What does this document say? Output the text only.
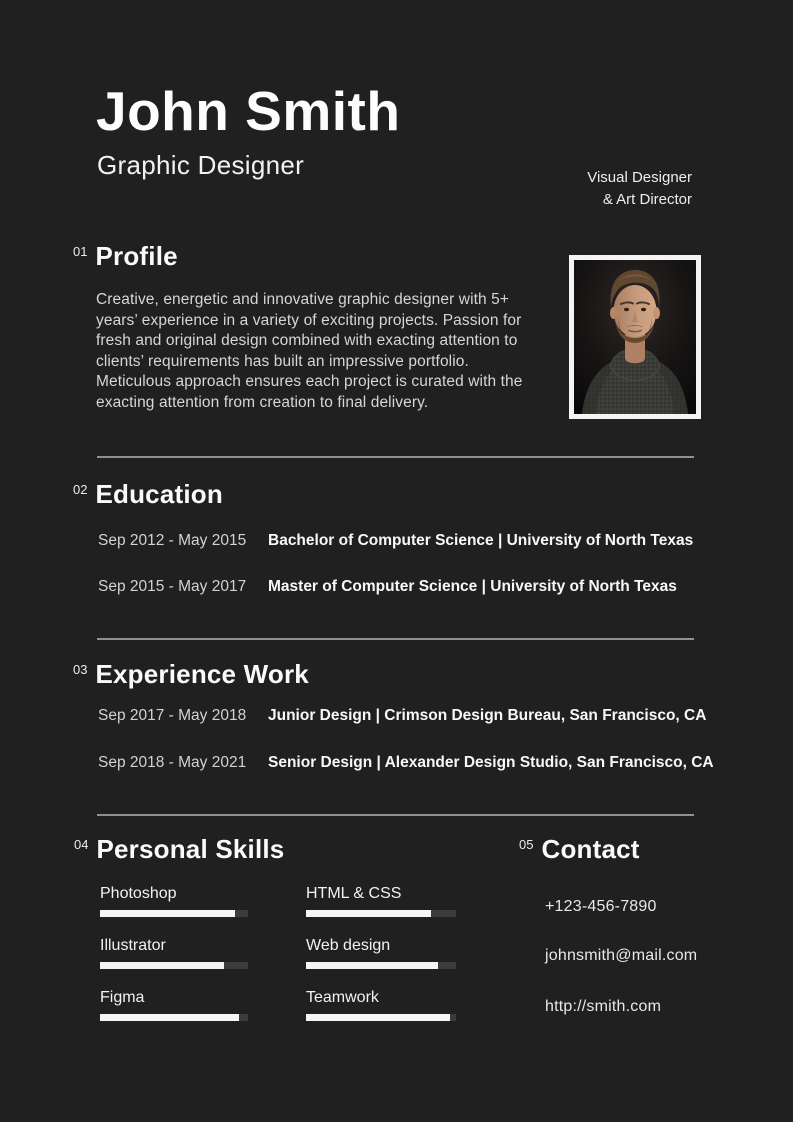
John Smith
Graphic Designer	Visual Designer
& Art Director
01 Profile
Creative, energetic and innovative graphic designer with 5+
years’ experience in a variety of exciting projects. Passion for
fresh and original design combined with exacting attention to
clients’ requirements has built an impressive portfolio.
Meticulous approach ensures each project is curated with the
exacting attention from creation to final delivery.
02 Education
Sep 2012 - May 2015	Bachelor of Computer Science | University of North Texas
Sep 2015 - May 2017	Master of Computer Science | University of North Texas
03 Experience Work
Sep 2017 - May 2018	Junior Design | Crimson Design Bureau, San Francisco, CA
Sep 2018 - May 2021	Senior Design | Alexander Design Studio, San Francisco, CA
04 Personal Skills
Photoshop
Illustrator
Figma
HTML & CSS
Web design
Teamwork
05 Contact
+123-456-7890
johnsmith@mail.com
http://smith.com
